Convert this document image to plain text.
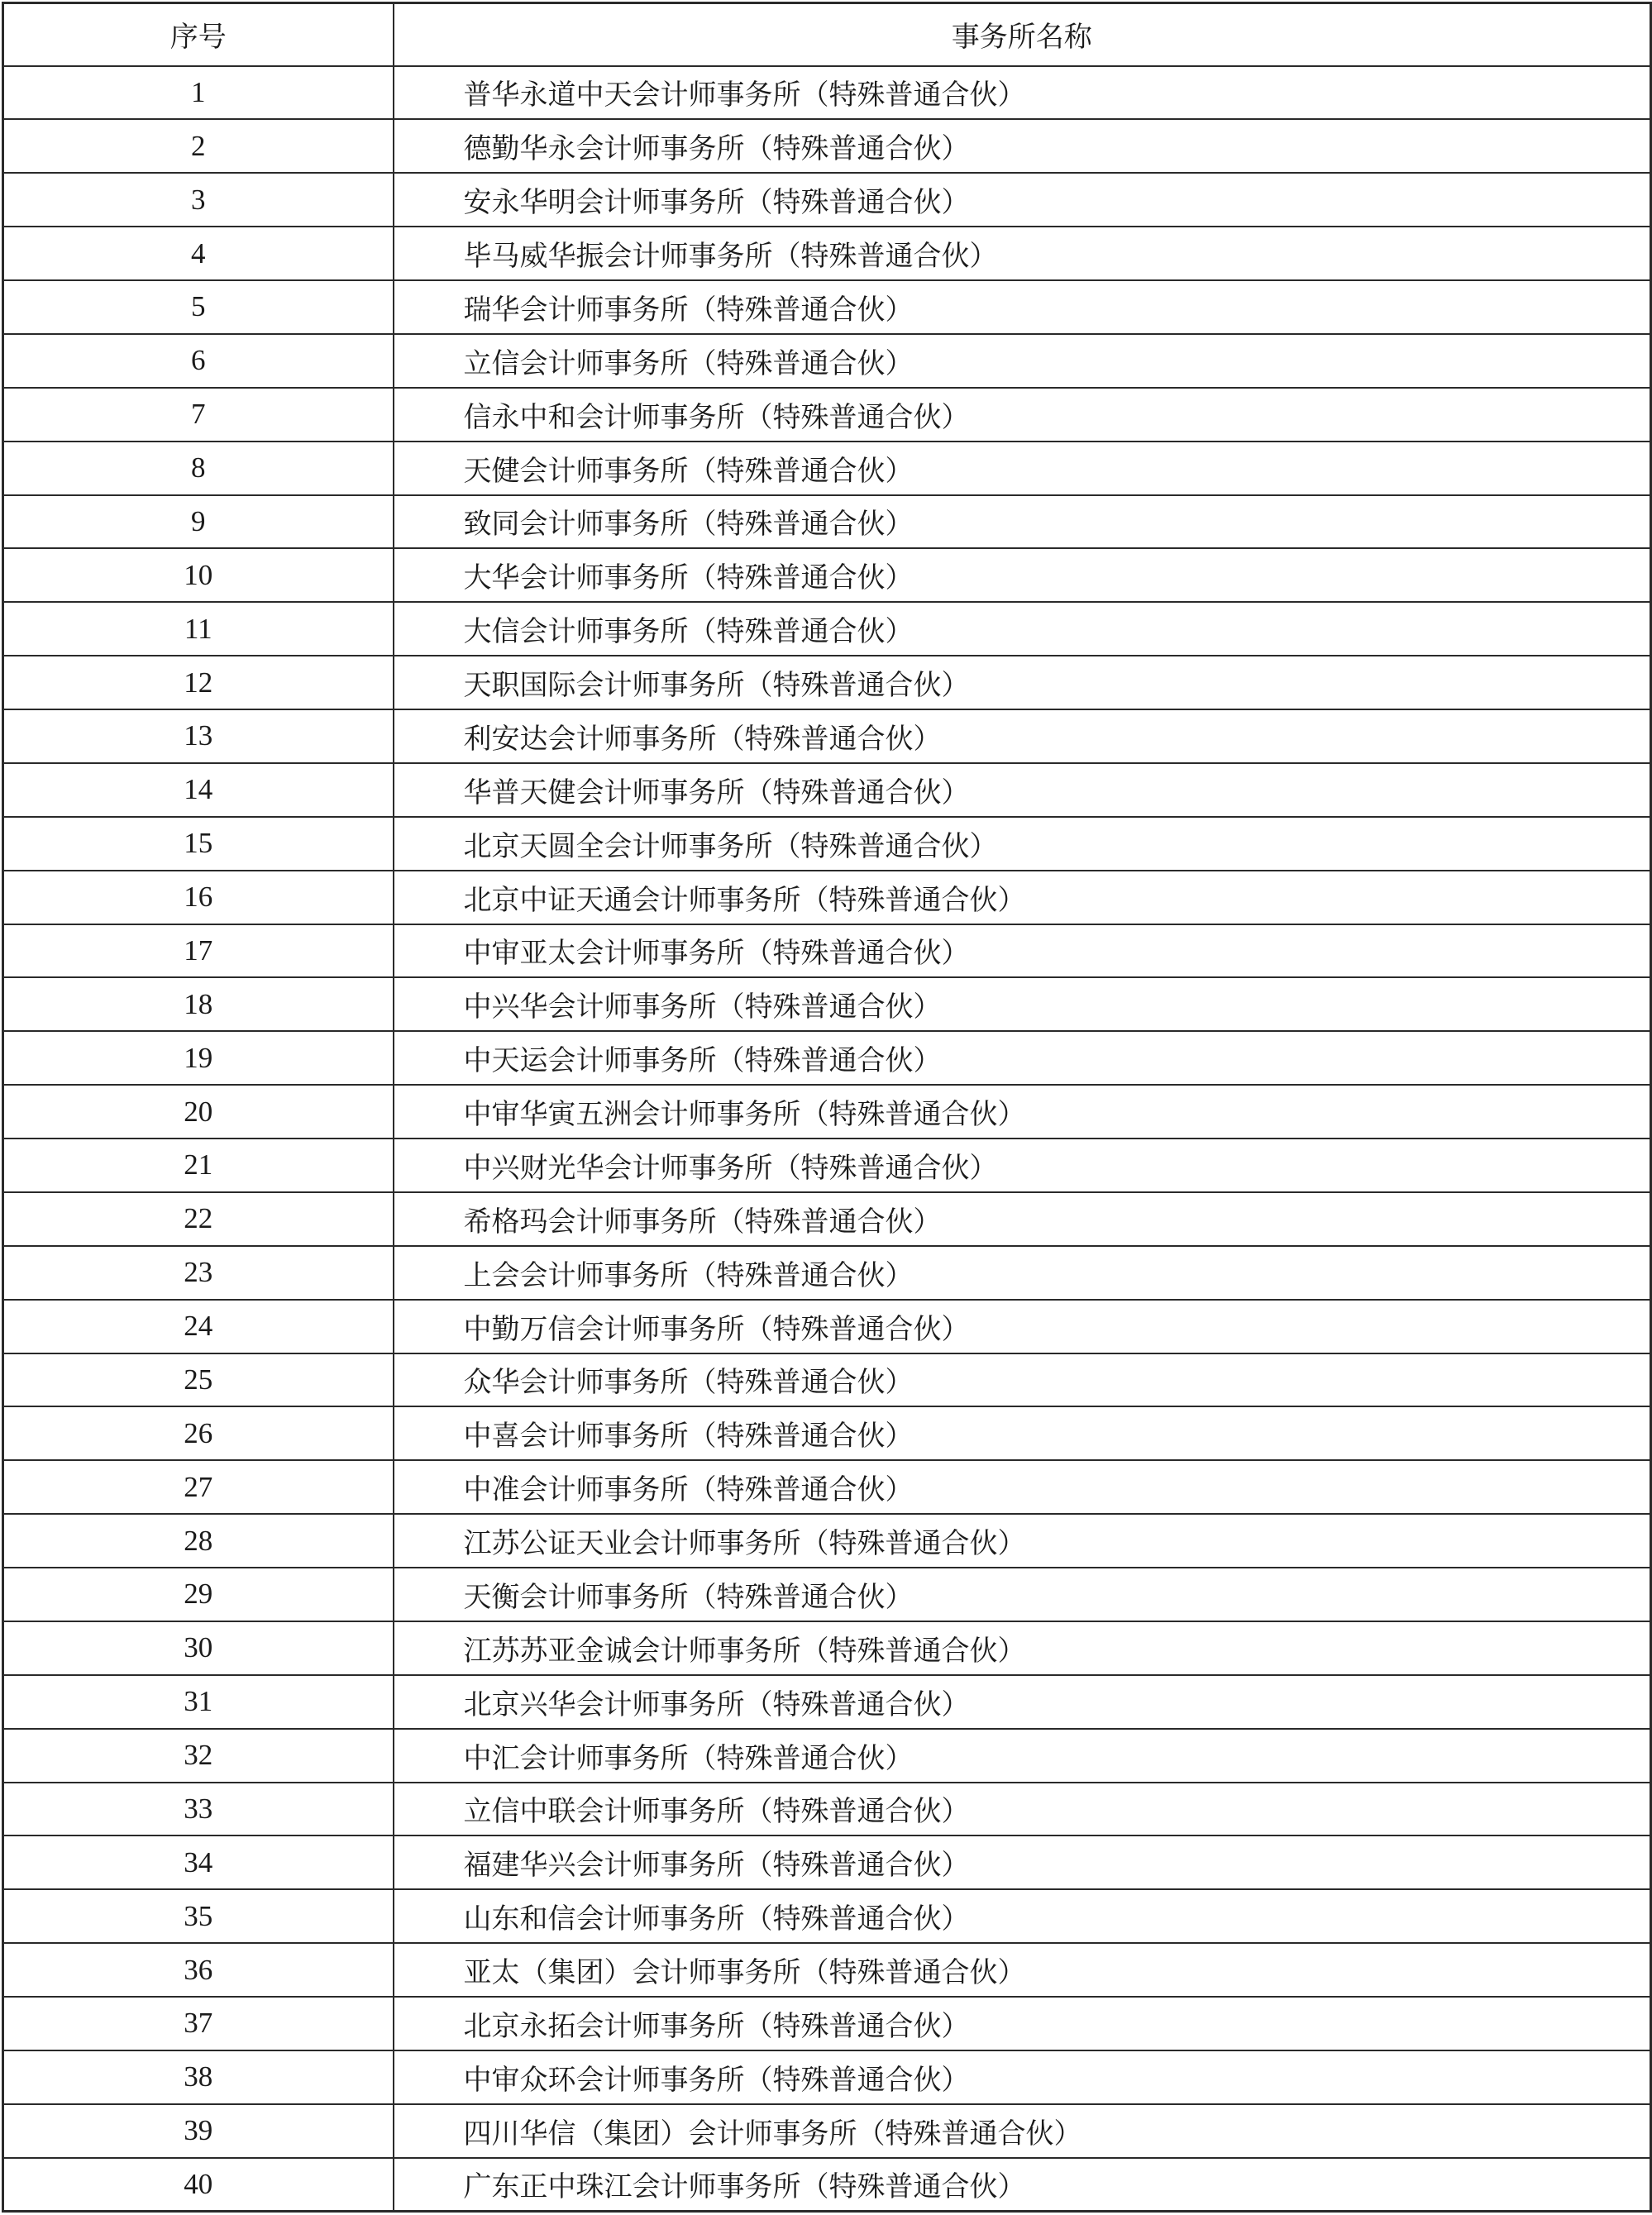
序号	事务所名称
1	普华永道中天会计师事务所（特殊普通合伙）
2	德勤华永会计师事务所（特殊普通合伙）
3	安永华明会计师事务所（特殊普通合伙）
4	毕马威华振会计师事务所（特殊普通合伙）
5	瑞华会计师事务所（特殊普通合伙）
6	立信会计师事务所（特殊普通合伙）
7	信永中和会计师事务所（特殊普通合伙）
8	天健会计师事务所（特殊普通合伙）
9	致同会计师事务所（特殊普通合伙）
10	大华会计师事务所（特殊普通合伙）
11	大信会计师事务所（特殊普通合伙）
12	天职国际会计师事务所（特殊普通合伙）
13	利安达会计师事务所（特殊普通合伙）
14	华普天健会计师事务所（特殊普通合伙）
15	北京天圆全会计师事务所（特殊普通合伙）
16	北京中证天通会计师事务所（特殊普通合伙）
17	中审亚太会计师事务所（特殊普通合伙）
18	中兴华会计师事务所（特殊普通合伙）
19	中天运会计师事务所（特殊普通合伙）
20	中审华寅五洲会计师事务所（特殊普通合伙）
21	中兴财光华会计师事务所（特殊普通合伙）
22	希格玛会计师事务所（特殊普通合伙）
23	上会会计师事务所（特殊普通合伙）
24	中勤万信会计师事务所（特殊普通合伙）
25	众华会计师事务所（特殊普通合伙）
26	中喜会计师事务所（特殊普通合伙）
27	中准会计师事务所（特殊普通合伙）
28	江苏公证天业会计师事务所（特殊普通合伙）
29	天衡会计师事务所（特殊普通合伙）
30	江苏苏亚金诚会计师事务所（特殊普通合伙）
31	北京兴华会计师事务所（特殊普通合伙）
32	中汇会计师事务所（特殊普通合伙）
33	立信中联会计师事务所（特殊普通合伙）
34	福建华兴会计师事务所（特殊普通合伙）
35	山东和信会计师事务所（特殊普通合伙）
36	亚太（集团）会计师事务所（特殊普通合伙）
37	北京永拓会计师事务所（特殊普通合伙）
38	中审众环会计师事务所（特殊普通合伙）
39	四川华信（集团）会计师事务所（特殊普通合伙）
40	广东正中珠江会计师事务所（特殊普通合伙）
